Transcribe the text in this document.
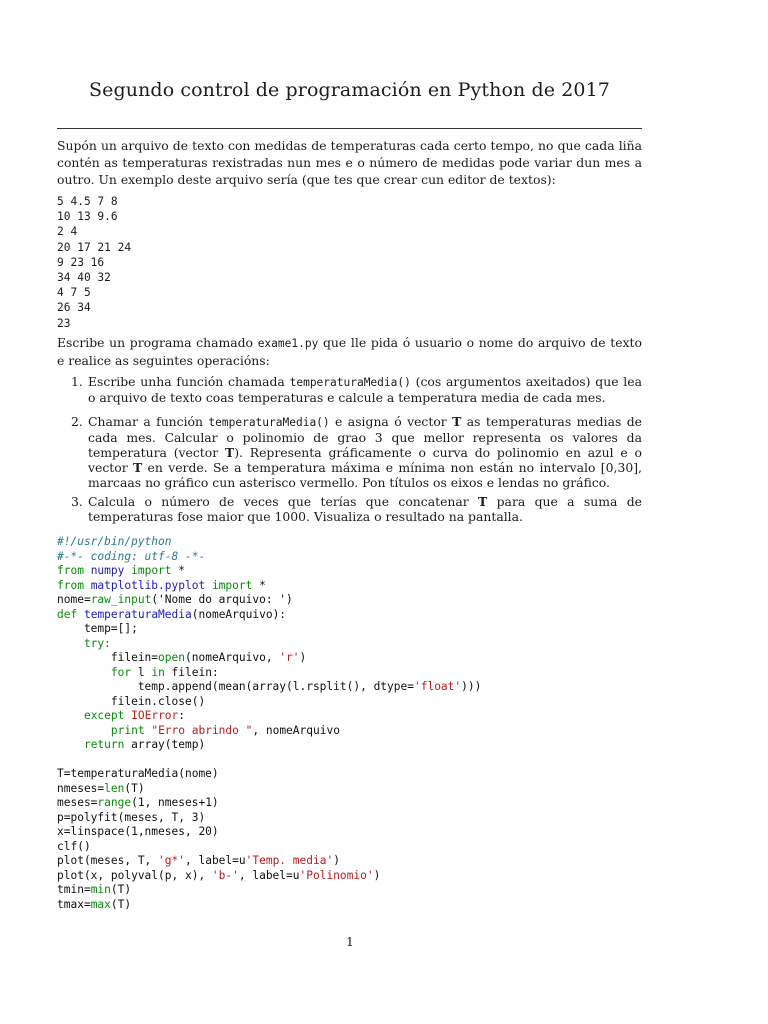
Segundo control de programación en Python de 2017

Supón un arquivo de texto con medidas de temperaturas cada certo tempo, no que cada liña contén as temperaturas rexistradas nun mes e o número de medidas pode variar dun mes a outro. Un exemplo deste arquivo sería (que tes que crear cun editor de textos):

5 4.5 7 8
10 13 9.6
2 4
20 17 21 24
9 23 16
34 40 32
4 7 5
26 34
23

Escribe un programa chamado exame1.py que lle pida ó usuario o nome do arquivo de texto e realice as seguintes operacións:

1. Escribe unha función chamada temperaturaMedia() (cos argumentos axeitados) que lea o arquivo de texto coas temperaturas e calcule a temperatura media de cada mes.

2. Chamar a función temperaturaMedia() e asigna ó vector T as temperaturas medias de cada mes. Calcular o polinomio de grao 3 que mellor representa os valores da temperatura (vector T). Representa gráficamente o curva do polinomio en azul e o vector T en verde. Se a temperatura máxima e mínima non están no intervalo [0,30], marcaas no gráfico cun asterisco vermello. Pon títulos os eixos e lendas no gráfico.

3. Calcula o número de veces que terías que concatenar T para que a suma de temperaturas fose maior que 1000. Visualiza o resultado na pantalla.

#!/usr/bin/python
#-*- coding: utf-8 -*-
from numpy import *
from matplotlib.pyplot import *
nome=raw_input('Nome do arquivo: ')
def temperaturaMedia(nomeArquivo):
temp=[];
try:
filein=open(nomeArquivo, 'r')
for l in filein:
temp.append(mean(array(l.rsplit(), dtype='float')))
filein.close()
except IOError:
print "Erro abrindo ", nomeArquivo
return array(temp)
T=temperaturaMedia(nome)
nmeses=len(T)
meses=range(1, nmeses+1)
p=polyfit(meses, T, 3)
x=linspace(1,nmeses, 20)
clf()
plot(meses, T, 'g*', label=u'Temp. media')
plot(x, polyval(p, x), 'b-', label=u'Polinomio')
tmin=min(T)
tmax=max(T)
1
